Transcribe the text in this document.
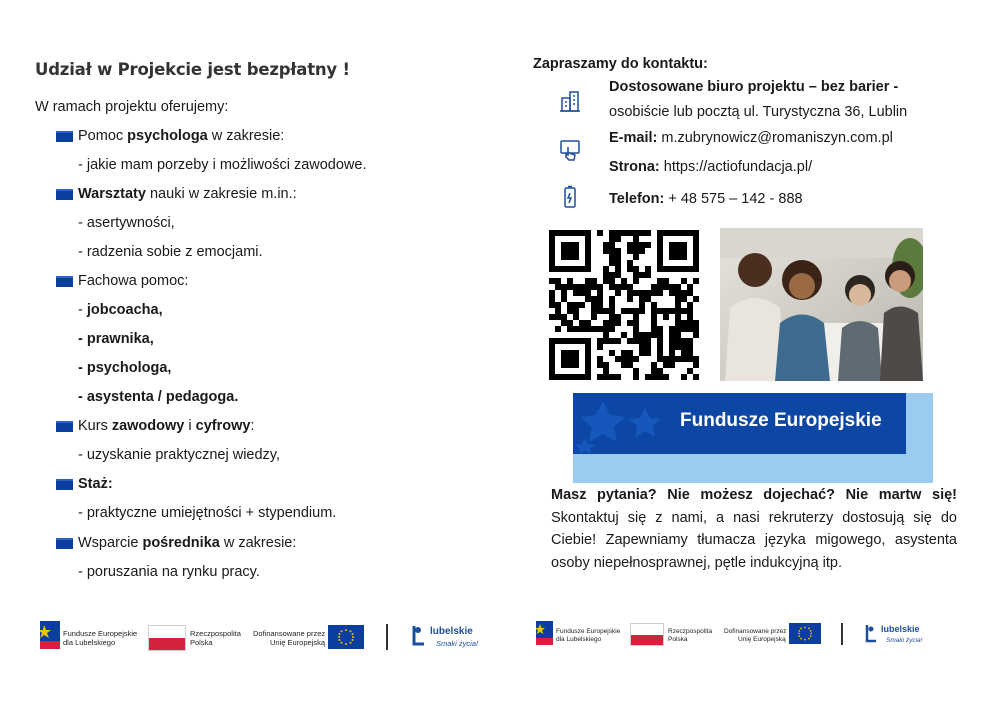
Udział w Projekcie jest bezpłatny !
W ramach projektu oferujemy:
Pomoc psychologa w zakresie:
- jakie mam porzeby i możliwości zawodowe.
Warsztaty nauki w zakresie m.in.:
- asertywności,
- radzenia sobie z emocjami.
Fachowa pomoc:
- jobcoacha,
- prawnika,
- psychologa,
- asystenta / pedagoga.
Kurs zawodowy i cyfrowy:
- uzyskanie praktycznej wiedzy,
Staż:
- praktyczne umiejętności + stypendium.
Wsparcie pośrednika w zakresie:
- poruszania na rynku pracy.
Zapraszamy do kontaktu:
Dostosowane biuro projektu – bez barier -
osobiście lub pocztą ul. Turystyczna 36, Lublin
E-mail: m.zubrynowicz@romaniszyn.com.pl
Strona: https://actiofundacja.pl/
Telefon: + 48 575 – 142 - 888
Fundusze Europejskie
Masz pytania? Nie możesz dojechać? Nie martw się! Skontaktuj się z nami, a nasi rekruterzy dostosują się do Ciebie! Zapewniamy tłumacza języka migowego, asystenta osoby niepełnosprawnej, pętle indukcyjną itp.
Fundusze Europejskie
dla Lubelskiego
Rzeczpospolita
Polska
Dofinansowane przez
Unię Europejską
lubelskie
Smaki życia!
Fundusze Europejskie
dla Lubelskiego
Rzeczpospolita
Polska
Dofinansowane przez
Unię Europejską
lubelskie
Smaki życia!
